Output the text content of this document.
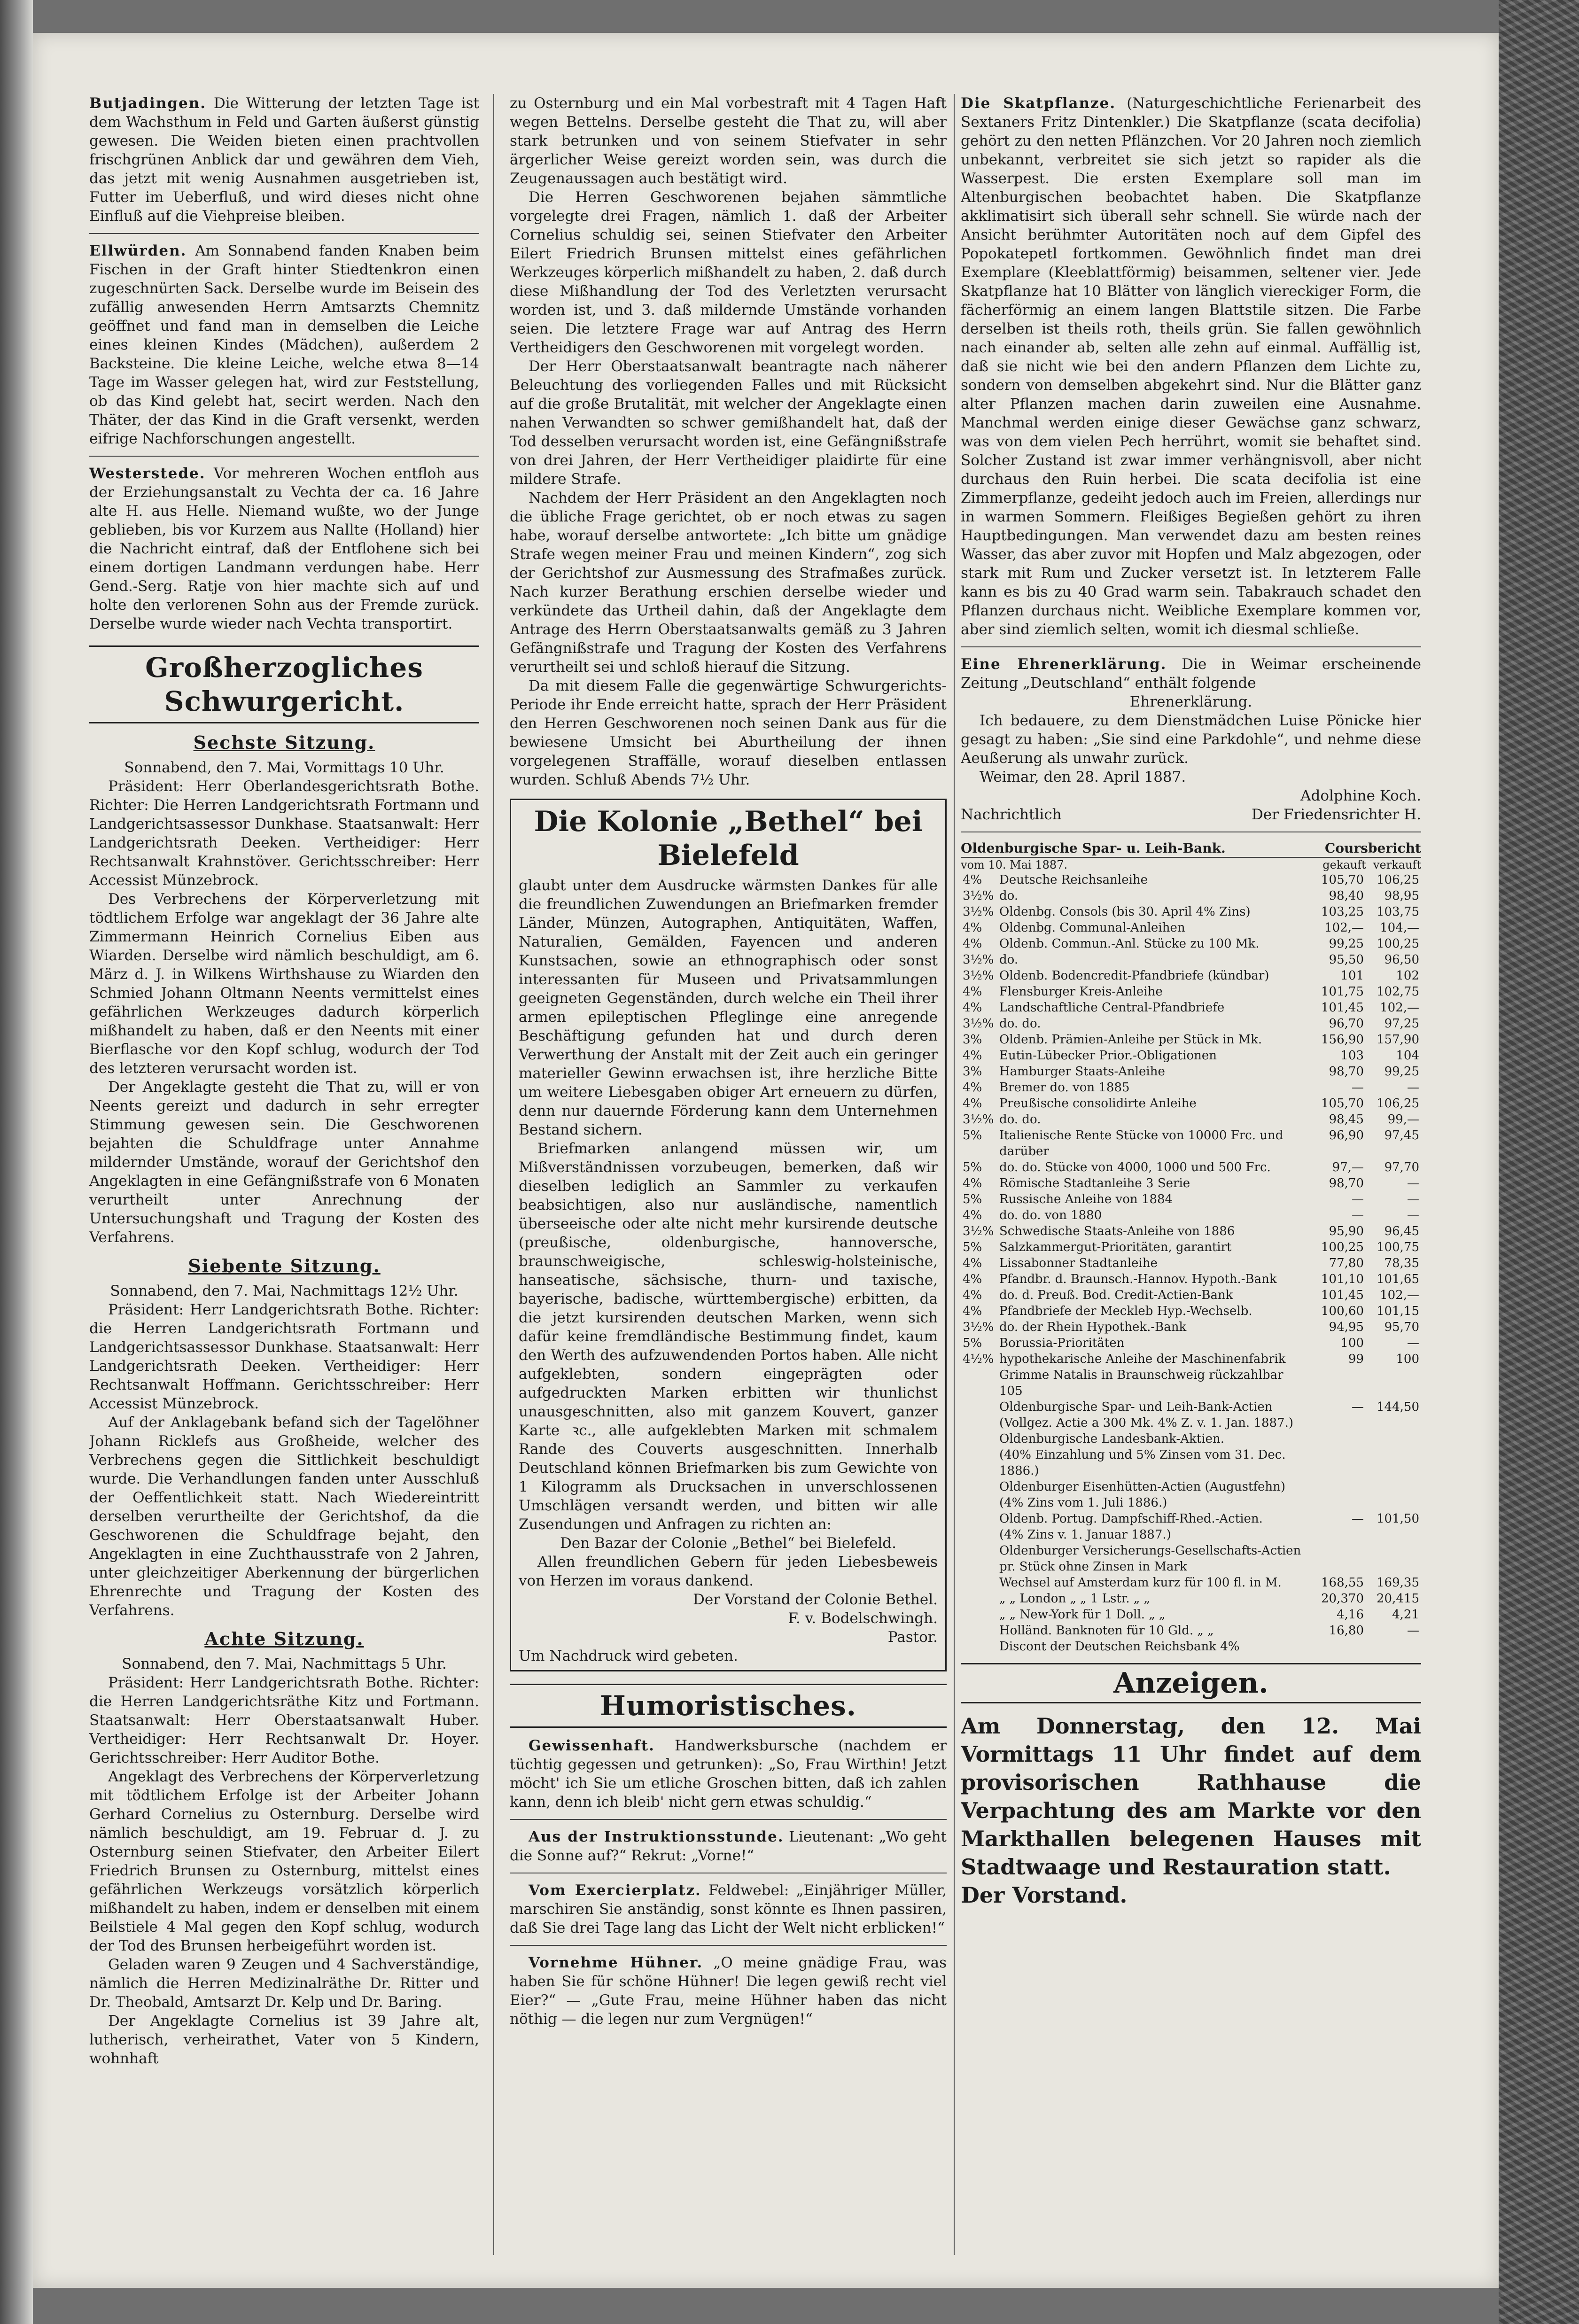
Butjadingen. Die Witterung der letzten Tage ist dem Wachsthum in Feld und Garten äußerst günstig gewesen. Die Weiden bieten einen prachtvollen frischgrünen Anblick dar und gewähren dem Vieh, das jetzt mit wenig Ausnahmen ausgetrieben ist, Futter im Ueberfluß, und wird dieses nicht ohne Einfluß auf die Viehpreise bleiben.

Ellwürden. Am Sonnabend fanden Knaben beim Fischen in der Graft hinter Stiedtenkron einen zugeschnürten Sack. Derselbe wurde im Beisein des zufällig anwesenden Herrn Amtsarzts Chemnitz geöffnet und fand man in demselben die Leiche eines kleinen Kindes (Mädchen), außerdem 2 Backsteine. Die kleine Leiche, welche etwa 8—14 Tage im Wasser gelegen hat, wird zur Feststellung, ob das Kind gelebt hat, secirt werden. Nach den Thäter, der das Kind in die Graft versenkt, werden eifrige Nachforschungen angestellt.

Westerstede. Vor mehreren Wochen entfloh aus der Erziehungsanstalt zu Vechta der ca. 16 Jahre alte H. aus Helle. Niemand wußte, wo der Junge geblieben, bis vor Kurzem aus Nallte (Holland) hier die Nachricht eintraf, daß der Entflohene sich bei einem dortigen Landmann verdungen habe. Herr Gend.-Serg. Ratje von hier machte sich auf und holte den verlorenen Sohn aus der Fremde zurück. Derselbe wurde wieder nach Vechta transportirt.

Großherzogliches Schwurgericht.
Sechste Sitzung.

Sonnabend, den 7. Mai, Vormittags 10 Uhr.

Präsident: Herr Oberlandesgerichtsrath Bothe. Richter: Die Herren Landgerichtsrath Fortmann und Landgerichtsassessor Dunkhase. Staatsanwalt: Herr Landgerichtsrath Deeken. Vertheidiger: Herr Rechtsanwalt Krahnstöver. Gerichtsschreiber: Herr Accessist Münzebrock.

Des Verbrechens der Körperverletzung mit tödtlichem Erfolge war angeklagt der 36 Jahre alte Zimmermann Heinrich Cornelius Eiben aus Wiarden. Derselbe wird nämlich beschuldigt, am 6. März d. J. in Wilkens Wirthshause zu Wiarden den Schmied Johann Oltmann Neents vermittelst eines gefährlichen Werkzeuges dadurch körperlich mißhandelt zu haben, daß er den Neents mit einer Bierflasche vor den Kopf schlug, wodurch der Tod des letzteren verursacht worden ist.

Der Angeklagte gesteht die That zu, will er von Neents gereizt und dadurch in sehr erregter Stimmung gewesen sein. Die Geschworenen bejahten die Schuldfrage unter Annahme mildernder Umstände, worauf der Gerichtshof den Angeklagten in eine Gefängnißstrafe von 6 Monaten verurtheilt unter Anrechnung der Untersuchungshaft und Tragung der Kosten des Verfahrens.

Siebente Sitzung.

Sonnabend, den 7. Mai, Nachmittags 12½ Uhr.

Präsident: Herr Landgerichtsrath Bothe. Richter: die Herren Landgerichtsrath Fortmann und Landgerichtsassessor Dunkhase. Staatsanwalt: Herr Landgerichtsrath Deeken. Vertheidiger: Herr Rechtsanwalt Hoffmann. Gerichtsschreiber: Herr Accessist Münzebrock.

Auf der Anklagebank befand sich der Tagelöhner Johann Ricklefs aus Großheide, welcher des Verbrechens gegen die Sittlichkeit beschuldigt wurde. Die Verhandlungen fanden unter Ausschluß der Oeffentlichkeit statt. Nach Wiedereintritt derselben verurtheilte der Gerichtshof, da die Geschworenen die Schuldfrage bejaht, den Angeklagten in eine Zuchthausstrafe von 2 Jahren, unter gleichzeitiger Aberkennung der bürgerlichen Ehrenrechte und Tragung der Kosten des Verfahrens.

Achte Sitzung.

Sonnabend, den 7. Mai, Nachmittags 5 Uhr.

Präsident: Herr Landgerichtsrath Bothe. Richter: die Herren Landgerichtsräthe Kitz und Fortmann. Staatsanwalt: Herr Oberstaatsanwalt Huber. Vertheidiger: Herr Rechtsanwalt Dr. Hoyer. Gerichtsschreiber: Herr Auditor Bothe.

Angeklagt des Verbrechens der Körperverletzung mit tödtlichem Erfolge ist der Arbeiter Johann Gerhard Cornelius zu Osternburg. Derselbe wird nämlich beschuldigt, am 19. Februar d. J. zu Osternburg seinen Stiefvater, den Arbeiter Eilert Friedrich Brunsen zu Osternburg, mittelst eines gefährlichen Werkzeugs vorsätzlich körperlich mißhandelt zu haben, indem er denselben mit einem Beilstiele 4 Mal gegen den Kopf schlug, wodurch der Tod des Brunsen herbeigeführt worden ist.

Geladen waren 9 Zeugen und 4 Sachverständige, nämlich die Herren Medizinalräthe Dr. Ritter und Dr. Theobald, Amtsarzt Dr. Kelp und Dr. Baring.

Der Angeklagte Cornelius ist 39 Jahre alt, lutherisch, verheirathet, Vater von 5 Kindern, wohnhaft

zu Osternburg und ein Mal vorbestraft mit 4 Tagen Haft wegen Bettelns. Derselbe gesteht die That zu, will aber stark betrunken und von seinem Stiefvater in sehr ärgerlicher Weise gereizt worden sein, was durch die Zeugenaussagen auch bestätigt wird.

Die Herren Geschworenen bejahen sämmtliche vorgelegte drei Fragen, nämlich 1. daß der Arbeiter Cornelius schuldig sei, seinen Stiefvater den Arbeiter Eilert Friedrich Brunsen mittelst eines gefährlichen Werkzeuges körperlich mißhandelt zu haben, 2. daß durch diese Mißhandlung der Tod des Verletzten verursacht worden ist, und 3. daß mildernde Umstände vorhanden seien. Die letztere Frage war auf Antrag des Herrn Vertheidigers den Geschworenen mit vorgelegt worden.

Der Herr Oberstaatsanwalt beantragte nach näherer Beleuchtung des vorliegenden Falles und mit Rücksicht auf die große Brutalität, mit welcher der Angeklagte einen nahen Verwandten so schwer gemißhandelt hat, daß der Tod desselben verursacht worden ist, eine Gefängnißstrafe von drei Jahren, der Herr Vertheidiger plaidirte für eine mildere Strafe.

Nachdem der Herr Präsident an den Angeklagten noch die übliche Frage gerichtet, ob er noch etwas zu sagen habe, worauf derselbe antwortete: „Ich bitte um gnädige Strafe wegen meiner Frau und meinen Kindern“, zog sich der Gerichtshof zur Ausmessung des Strafmaßes zurück. Nach kurzer Berathung erschien derselbe wieder und verkündete das Urtheil dahin, daß der Angeklagte dem Antrage des Herrn Oberstaatsanwalts gemäß zu 3 Jahren Gefängnißstrafe und Tragung der Kosten des Verfahrens verurtheilt sei und schloß hierauf die Sitzung.

Da mit diesem Falle die gegenwärtige Schwurgerichts-Periode ihr Ende erreicht hatte, sprach der Herr Präsident den Herren Geschworenen noch seinen Dank aus für die bewiesene Umsicht bei Aburtheilung der ihnen vorgelegenen Straffälle, worauf dieselben entlassen wurden. Schluß Abends 7½ Uhr.

Die Kolonie „Bethel“ bei Bielefeld

glaubt unter dem Ausdrucke wärmsten Dankes für alle die freundlichen Zuwendungen an Briefmarken fremder Länder, Münzen, Autographen, Antiquitäten, Waffen, Naturalien, Gemälden, Fayencen und anderen Kunstsachen, sowie an ethnographisch oder sonst interessanten für Museen und Privatsammlungen geeigneten Gegenständen, durch welche ein Theil ihrer armen epileptischen Pfleglinge eine anregende Beschäftigung gefunden hat und durch deren Verwerthung der Anstalt mit der Zeit auch ein geringer materieller Gewinn erwachsen ist, ihre herzliche Bitte um weitere Liebesgaben obiger Art erneuern zu dürfen, denn nur dauernde Förderung kann dem Unternehmen Bestand sichern.

Briefmarken anlangend müssen wir, um Mißverständnissen vorzubeugen, bemerken, daß wir dieselben lediglich an Sammler zu verkaufen beabsichtigen, also nur ausländische, namentlich überseeische oder alte nicht mehr kursirende deutsche (preußische, oldenburgische, hannoversche, braunschweigische, schleswig-holsteinische, hanseatische, sächsische, thurn- und taxische, bayerische, badische, württembergische) erbitten, da die jetzt kursirenden deutschen Marken, wenn sich dafür keine fremdländische Bestimmung findet, kaum den Werth des aufzuwendenden Portos haben. Alle nicht aufgeklebten, sondern eingeprägten oder aufgedruckten Marken erbitten wir thunlichst unausgeschnitten, also mit ganzem Kouvert, ganzer Karte ꝛc., alle aufgeklebten Marken mit schmalem Rande des Couverts ausgeschnitten. Innerhalb Deutschland können Briefmarken bis zum Gewichte von 1 Kilogramm als Drucksachen in unverschlossenen Umschlägen versandt werden, und bitten wir alle Zusendungen und Anfragen zu richten an:

Den Bazar der Colonie „Bethel“ bei Bielefeld.

Allen freundlichen Gebern für jeden Liebesbeweis von Herzen im voraus dankend.

Der Vorstand der Colonie Bethel.

F. v. Bodelschwingh.

Pastor.

Um Nachdruck wird gebeten.

Humoristisches.

Gewissenhaft. Handwerksbursche (nachdem er tüchtig gegessen und getrunken): „So, Frau Wirthin! Jetzt möcht' ich Sie um etliche Groschen bitten, daß ich zahlen kann, denn ich bleib' nicht gern etwas schuldig.“

Aus der Instruktionsstunde. Lieutenant: „Wo geht die Sonne auf?“ Rekrut: „Vorne!“

Vom Exercierplatz. Feldwebel: „Einjähriger Müller, marschiren Sie anständig, sonst könnte es Ihnen passiren, daß Sie drei Tage lang das Licht der Welt nicht erblicken!“

Vornehme Hühner. „O meine gnädige Frau, was haben Sie für schöne Hühner! Die legen gewiß recht viel Eier?“ — „Gute Frau, meine Hühner haben das nicht nöthig — die legen nur zum Vergnügen!“

Die Skatpflanze. (Naturgeschichtliche Ferienarbeit des Sextaners Fritz Dintenkler.) Die Skatpflanze (scata decifolia) gehört zu den netten Pflänzchen. Vor 20 Jahren noch ziemlich unbekannt, verbreitet sie sich jetzt so rapider als die Wasserpest. Die ersten Exemplare soll man im Altenburgischen beobachtet haben. Die Skatpflanze akklimatisirt sich überall sehr schnell. Sie würde nach der Ansicht berühmter Autoritäten noch auf dem Gipfel des Popokatepetl fortkommen. Gewöhnlich findet man drei Exemplare (Kleeblattförmig) beisammen, seltener vier. Jede Skatpflanze hat 10 Blätter von länglich viereckiger Form, die fächerförmig an einem langen Blattstile sitzen. Die Farbe derselben ist theils roth, theils grün. Sie fallen gewöhnlich nach einander ab, selten alle zehn auf einmal. Auffällig ist, daß sie nicht wie bei den andern Pflanzen dem Lichte zu, sondern von demselben abgekehrt sind. Nur die Blätter ganz alter Pflanzen machen darin zuweilen eine Ausnahme. Manchmal werden einige dieser Gewächse ganz schwarz, was von dem vielen Pech herrührt, womit sie behaftet sind. Solcher Zustand ist zwar immer verhängnisvoll, aber nicht durchaus den Ruin herbei. Die scata decifolia ist eine Zimmerpflanze, gedeiht jedoch auch im Freien, allerdings nur in warmen Sommern. Fleißiges Begießen gehört zu ihren Hauptbedingungen. Man verwendet dazu am besten reines Wasser, das aber zuvor mit Hopfen und Malz abgezogen, oder stark mit Rum und Zucker versetzt ist. In letzterem Falle kann es bis zu 40 Grad warm sein. Tabakrauch schadet den Pflanzen durchaus nicht. Weibliche Exemplare kommen vor, aber sind ziemlich selten, womit ich diesmal schließe.

Eine Ehrenerklärung. Die in Weimar erscheinende Zeitung „Deutschland“ enthält folgende

Ehrenerklärung.

Ich bedauere, zu dem Dienstmädchen Luise Pönicke hier gesagt zu haben: „Sie sind eine Parkdohle“, und nehme diese Aeußerung als unwahr zurück.

Weimar, den 28. April 1887.

Adolphine Koch.

Nachrichtlich	Der Friedensrichter H.

Oldenburgische Spar- u. Leih-Bank.	Coursbericht
vom 10. Mai 1887.	gekauft verkauft
4%	Deutsche Reichsanleihe	105,70	106,25
3½%	do.	98,40	98,95
3½%	Oldenbg. Consols (bis 30. April 4% Zins)	103,25	103,75
4%	Oldenbg. Communal-Anleihen	102,—	104,—
4%	Oldenb. Commun.-Anl. Stücke zu 100 Mk.	99,25	100,25
3½%	do.	95,50	96,50
3½%	Oldenb. Bodencredit-Pfandbriefe (kündbar)	101	102
4%	Flensburger Kreis-Anleihe	101,75	102,75
4%	Landschaftliche Central-Pfandbriefe	101,45	102,—
3½%	do. do.	96,70	97,25
3%	Oldenb. Prämien-Anleihe per Stück in Mk.	156,90	157,90
4%	Eutin-Lübecker Prior.-Obligationen	103	104
3%	Hamburger Staats-Anleihe	98,70	99,25
4%	Bremer do. von 1885	—	—
4%	Preußische consolidirte Anleihe	105,70	106,25
3½%	do. do.	98,45	99,—
5%	Italienische Rente Stücke von 10000 Frc. und darüber	96,90	97,45
5%	do. do. Stücke von 4000, 1000 und 500 Frc.	97,—	97,70
4%	Römische Stadtanleihe 3 Serie	98,70	—
5%	Russische Anleihe von 1884	—	—
4%	do. do. von 1880	—	—
3½%	Schwedische Staats-Anleihe von 1886	95,90	96,45
5%	Salzkammergut-Prioritäten, garantirt	100,25	100,75
4%	Lissabonner Stadtanleihe	77,80	78,35
4%	Pfandbr. d. Braunsch.-Hannov. Hypoth.-Bank	101,10	101,65
4%	do. d. Preuß. Bod. Credit-Actien-Bank	101,45	102,—
4%	Pfandbriefe der Meckleb Hyp.-Wechselb.	100,60	101,15
3½%	do. der Rhein Hypothek.-Bank	94,95	95,70
5%	Borussia-Prioritäten	100	—
4½%	hypothekarische Anleihe der Maschinenfabrik Grimme Natalis in Braunschweig rückzahlbar 105	99	100
	Oldenburgische Spar- und Leih-Bank-Actien	—	144,50
	(Vollgez. Actie a 300 Mk. 4% Z. v. 1. Jan. 1887.)		
	Oldenburgische Landesbank-Aktien.		
	(40% Einzahlung und 5% Zinsen vom 31. Dec. 1886.)		
	Oldenburger Eisenhütten-Actien (Augustfehn)		
	(4% Zins vom 1. Juli 1886.)		
	Oldenb. Portug. Dampfschiff-Rhed.-Actien.	—	101,50
	(4% Zins v. 1. Januar 1887.)		
	Oldenburger Versicherungs-Gesellschafts-Actien pr. Stück ohne Zinsen in Mark		
	Wechsel auf Amsterdam kurz für 100 fl. in M.	168,55	169,35
	„ „ London „ „ 1 Lstr. „ „	20,370	20,415
	„ „ New-York für 1 Doll. „ „	4,16	4,21
	Holländ. Banknoten für 10 Gld. „ „	16,80	—
	Discont der Deutschen Reichsbank 4%		
Anzeigen.

Am Donnerstag, den 12. Mai Vormittags 11 Uhr findet auf dem provisorischen Rathhause die Verpachtung des am Markte vor den Markthallen belegenen Hauses mit Stadtwaage und Restauration statt.

Der Vorstand.
